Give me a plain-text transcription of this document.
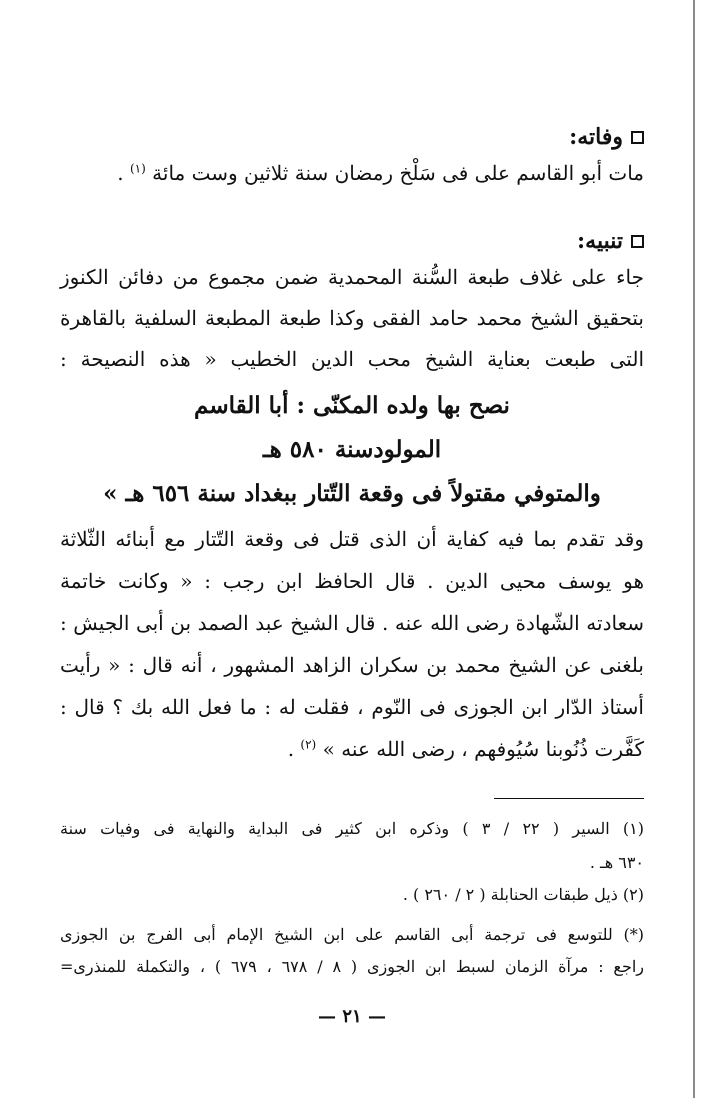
وفاته:
مات أبو القاسم على فى سَلْخ رمضان سنة ثلاثين وست مائة $^{(١)}$ .
تنبيه:
جاء على غلاف طبعة السُّنة المحمدية ضمن مجموع من دفائن الكنوز
بتحقيق الشيخ محمد حامد الفقى وكذا طبعة المطبعة السلفية بالقاهرة
التى طبعت بعناية الشيخ محب الدين الخطيب « هذه النصيحة :
نصح بها ولده المكنّى : أبا القاسم
المولودسنة ٥٨٠ هـ
والمتوفي مقتولاً فى وقعة التّتار ببغداد سنة ٦٥٦ هـ »
وقد تقدم بما فيه كفاية أن الذى قتل فى وقعة التّتار مع أبنائه الثّلاثة
هو يوسف محيى الدين . قال الحافظ ابن رجب : « وكانت خاتمة
سعادته الشّهادة رضى الله عنه . قال الشيخ عبد الصمد بن أبى الجيش :
بلغنى عن الشيخ محمد بن سكران الزاهد المشهور ، أنه قال : « رأيت
أستاذ الدّار ابن الجوزى فى النّوم ، فقلت له : ما فعل الله بك ؟ قال :
كَفَّرت ذُنُوبنا سُيُوفهم ، رضى الله عنه » $^{(٢)}$ .
(١) السير ( ٢٢ / ٣ ) وذكره ابن كثير فى البداية والنهاية فى وفيات سنة
٦٣٠ هـ .
(٢) ذيل طبقات الحنابلة ( ٢ / ٢٦٠ ) .
(*) للتوسع فى ترجمة أبى القاسم على ابن الشيخ الإمام أبى الفرج بن الجوزى
راجع : مرآة الزمان لسبط ابن الجوزى ( ٨ / ٦٧٨ ، ٦٧٩ ) ، والتكملة للمنذرى=
— ٢١ —
